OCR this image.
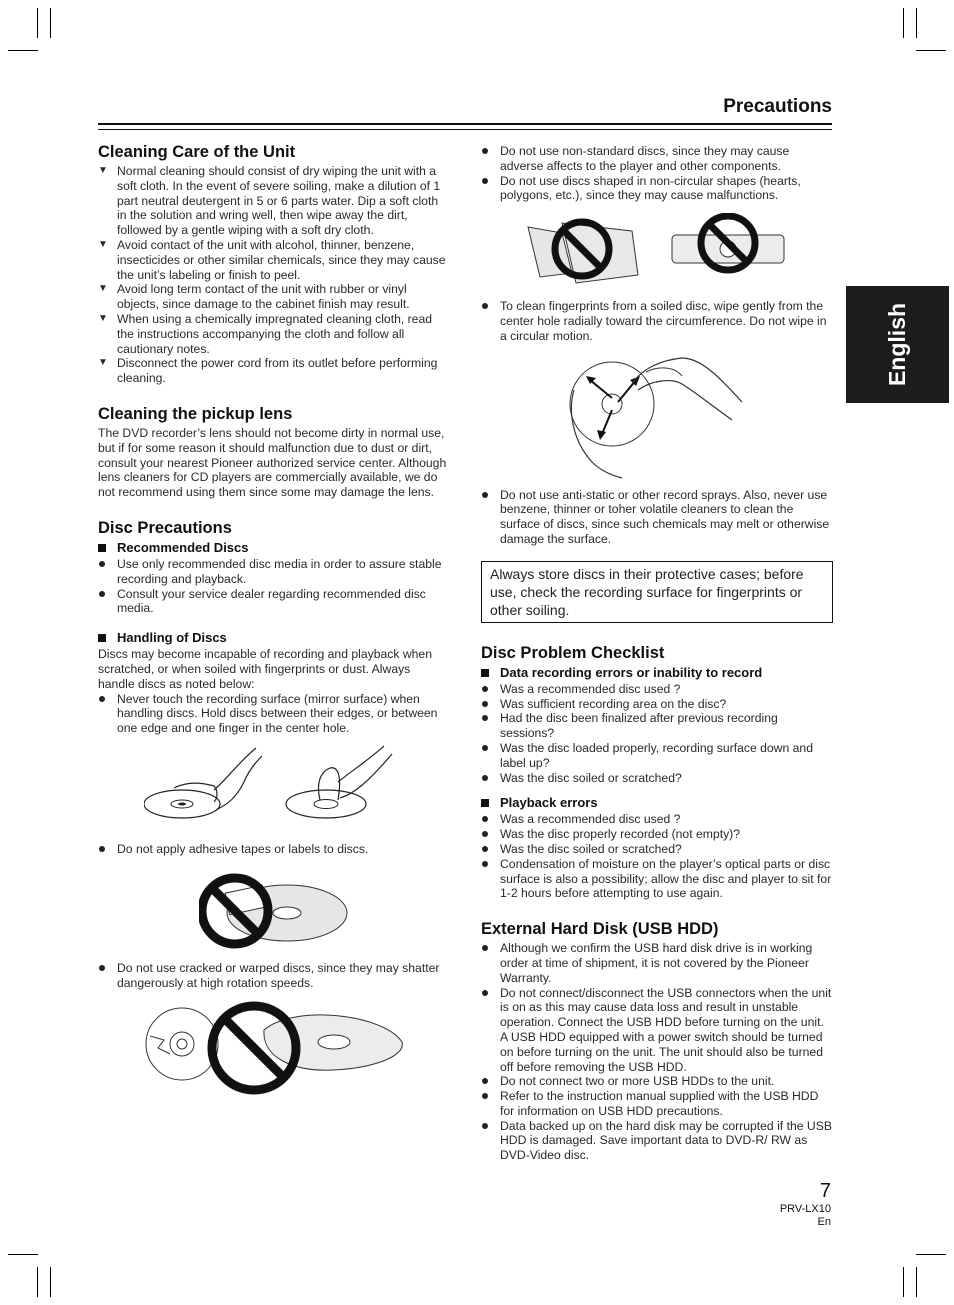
Precautions
English
Cleaning Care of the Unit
▼ Normal cleaning should consist of dry wiping the unit with a soft cloth. In the event of severe soiling, make a dilution of 1 part neutral deutergent in 5 or 6 parts water. Dip a soft cloth in the solution and wring well, then wipe away the dirt, followed by a gentle wiping with a soft dry cloth.
▼ Avoid contact of the unit with alcohol, thinner, benzene, insecticides or other similar chemicals, since they may cause the unit’s labeling or finish to peel.
▼ Avoid long term contact of the unit with rubber or vinyl objects, since damage to the cabinet finish may result.
▼ When using a chemically impregnated cleaning cloth, read the instructions accompanying the cloth and follow all cautionary notes.
▼ Disconnect the power cord from its outlet before performing cleaning.
Cleaning the pickup lens

The DVD recorder’s lens should not become dirty in normal use, but if for some reason it should malfunction due to dust or dirt, consult your nearest Pioneer authorized service center. Although lens cleaners for CD players are commercially available, we do not recommend using them since some may damage the lens.

Disc Precautions
Recommended Discs
Use only recommended disc media in order to assure stable recording and playback.
Consult your service dealer regarding recommended disc media.
Handling of Discs

Discs may become incapable of recording and playback when scratched, or when soiled with fingerprints or dust. Always handle discs as noted below:

Never touch the recording surface (mirror surface) when handling discs. Hold discs between their edges, or between one edge and one finger in the center hole.
Do not apply adhesive tapes or labels to discs.
Do not use cracked or warped discs, since they may shatter dangerously at high rotation speeds.
Do not use non-standard discs, since they may cause adverse affects to the player and other components.
Do not use discs shaped in non-circular shapes (hearts, polygons, etc.), since they may cause malfunctions.
To clean fingerprints from a soiled disc, wipe gently from the center hole radially toward the circumference. Do not wipe in a circular motion.
Do not use anti-static or other record sprays. Also, never use benzene, thinner or toher volatile cleaners to clean the surface of discs, since such chemicals may melt or otherwise damage the surface.
Always store discs in their protective cases; before use, check the recording surface for fingerprints or other soiling.
Disc Problem Checklist
Data recording errors or inability to record
Was a recommended disc used ?
Was sufficient recording area on the disc?
Had the disc been finalized after previous recording sessions?
Was the disc loaded properly, recording surface down and label up?
Was the disc soiled or scratched?
Playback errors
Was a recommended disc used ?
Was the disc properly recorded (not empty)?
Was the disc soiled or scratched?
Condensation of moisture on the player’s optical parts or disc surface is also a possibility; allow the disc and player to sit for 1-2 hours before attempting to use again.
External Hard Disk (USB HDD)
Although we confirm the USB hard disk drive is in working order at time of shipment, it is not covered by the Pioneer Warranty.
Do not connect/disconnect the USB connectors when the unit is on as this may cause data loss and result in unstable operation. Connect the USB HDD before turning on the unit. A USB HDD equipped with a power switch should be turned on before turning on the unit. The unit should also be turned off before removing the USB HDD.
Do not connect two or more USB HDDs to the unit.
Refer to the instruction manual supplied with the USB HDD for information on USB HDD precautions.
Data backed up on the hard disk may be corrupted if the USB HDD is damaged. Save important data to DVD-R/ RW as DVD-Video disc.
7
PRV-LX10
En
